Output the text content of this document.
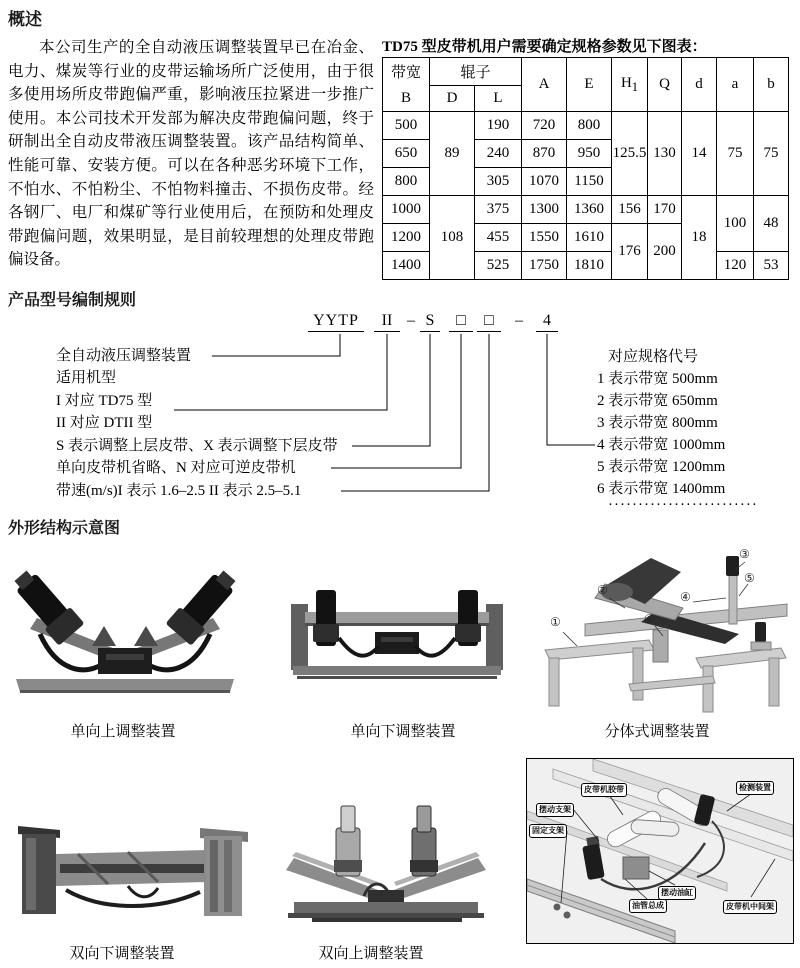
概述
本公司生产的全自动液压调整装置早已在冶金、电力、煤炭等行业的皮带运输场所广泛使用，由于很多使用场所皮带跑偏严重，影响液压拉紧进一步推广使用。本公司技术开发部为解决皮带跑偏问题，终于研制出全自动皮带液压调整装置。该产品结构简单、性能可靠、安装方便。可以在各种恶劣环境下工作，不怕水、不怕粉尘、不怕物料撞击、不损伤皮带。经各钢厂、电厂和煤矿等行业使用后，在预防和处理皮带跑偏问题，效果明显，是目前较理想的处理皮带跑偏设备。
TD75 型皮带机用户需要确定规格参数见下图表：
带宽
B	辊子		A	E	$H_1$	Q	d	a	b
	D	L							
500	89	190	720	800	125.5	130	14	75	75
650		240	870	950					
800		305	1070	1150					
1000	108	375	1300	1360	156	170	18	100	48
1200		455	1550	1610	176	200			
1400		525	1750	1810				120	53
产品型号编制规则
YYTP	II – S	□	□	–	4
全自动液压调整装置
适用机型
I 对应 TD75 型
II 对应 DTII 型
S 表示调整上层皮带、X 表示调整下层皮带
单向皮带机省略、N 对应可逆皮带机
带速(m/s)I 表示 1.6–2.5 II 表示 2.5–5.1
对应规格代号
1 表示带宽 500mm
2 表示带宽 650mm
3 表示带宽 800mm
4 表示带宽 1000mm
5 表示带宽 1200mm
6 表示带宽 1400mm
·························
外形结构示意图
①
②
③
④
⑤
⑥
单向上调整装置	单向下调整装置	分体式调整装置
皮带机胶带	检测装置
摆动支架
固定支架
摆动油缸
油管总成	皮带机中间架
双向下调整装置	双向上调整装置
